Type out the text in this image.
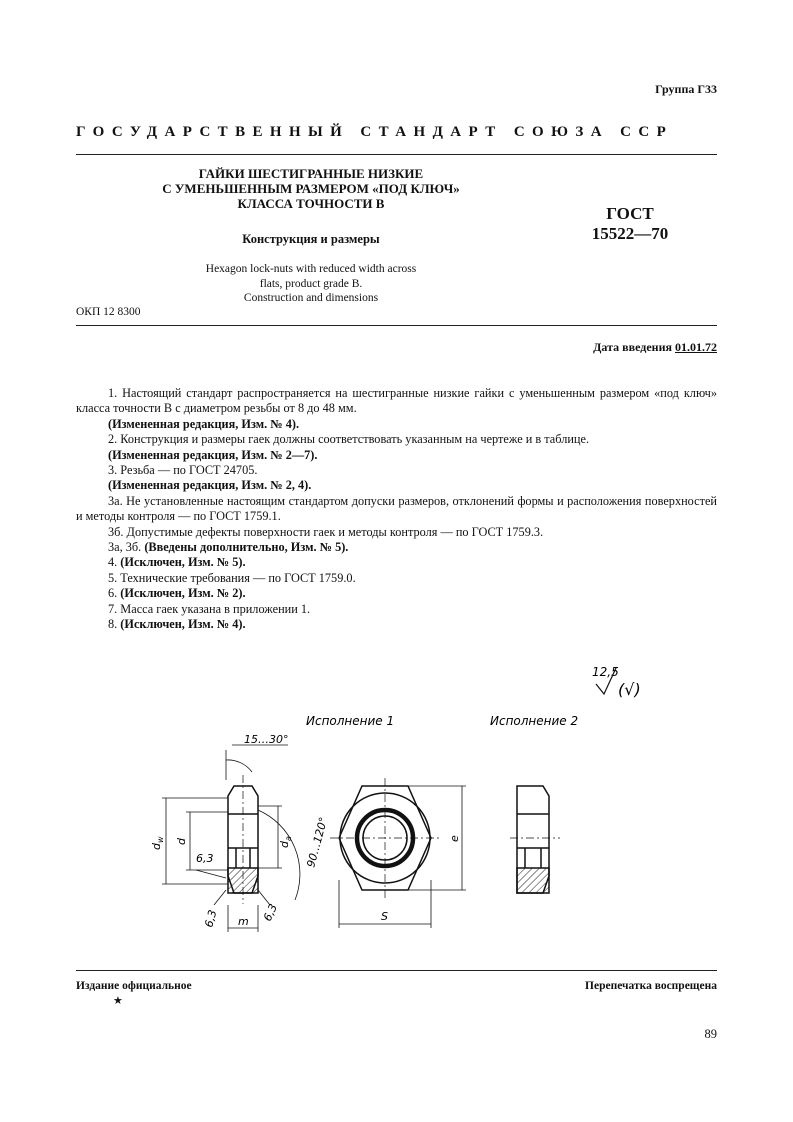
Группа Г33
ГОСУДАРСТВЕННЫЙ СТАНДАРТ СОЮЗА ССР
ГАЙКИ ШЕСТИГРАННЫЕ НИЗКИЕ
С УМЕНЬШЕННЫМ РАЗМЕРОМ «ПОД КЛЮЧ»
КЛАССА ТОЧНОСТИ В
ГОСТ
15522—70
Конструкция и размеры
Hexagon lock-nuts with reduced width across
flats, product grade B.
Construction and dimensions
ОКП 12 8300
Дата введения 01.01.72

1. Настоящий стандарт распространяется на шестигранные низкие гайки с уменьшенным размером «под ключ» класса точности В с диаметром резьбы от 8 до 48 мм.

(Измененная редакция, Изм. № 4).

2. Конструкция и размеры гаек должны соответствовать указанным на чертеже и в таблице.

(Измененная редакция, Изм. № 2—7).

3. Резьба — по ГОСТ 24705.

(Измененная редакция, Изм. № 2, 4).

3а. Не установленные настоящим стандартом допуски размеров, отклонений формы и расположения поверхностей и методы контроля — по ГОСТ 1759.1.

3б. Допустимые дефекты поверхности гаек и методы контроля — по ГОСТ 1759.3.

3а, 3б. (Введены дополнительно, Изм. № 5).

4. (Исключен, Изм. № 5).

5. Технические требования — по ГОСТ 1759.0.

6. (Исключен, Изм. № 2).

7. Масса гаек указана в приложении 1.

8. (Исключен, Изм. № 4).

12,5
(√)
Исполнение 1	Исполнение 2
15…30°
d
w d	d
a 90…120°
6,3
6,3	6,3
m
e
S
Издание официальное	Перепечатка воспрещена
★
89
